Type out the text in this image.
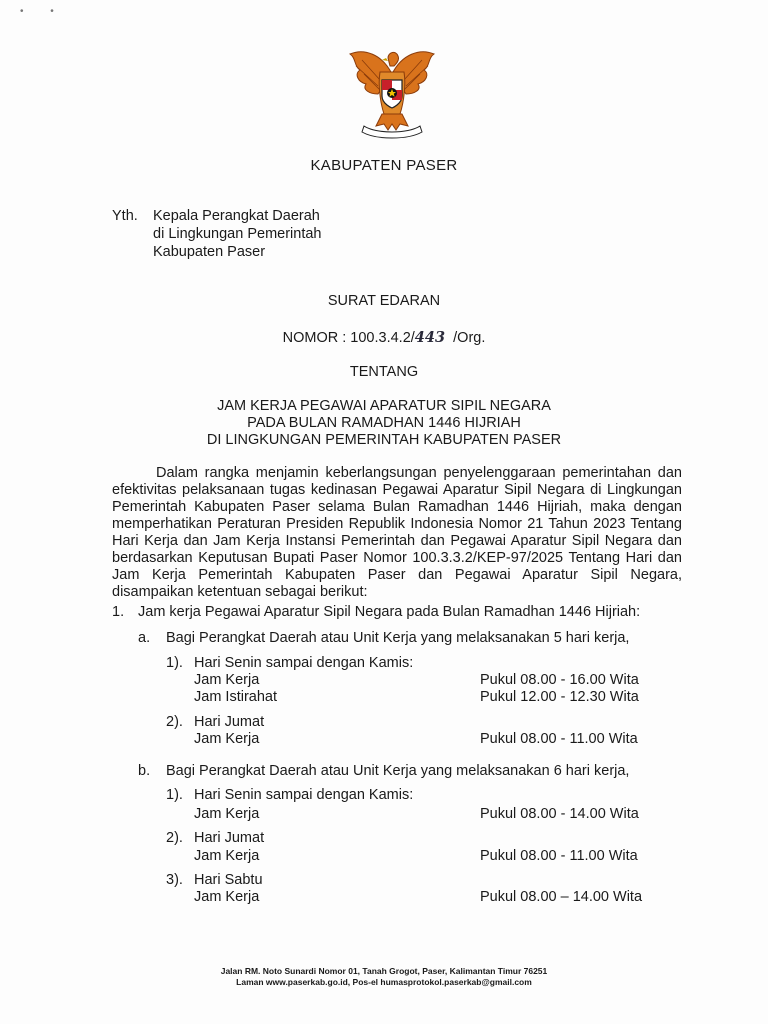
• •
KABUPATEN PASER
Yth. Kepala Perangkat Daerah
di Lingkungan Pemerintah
Kabupaten Paser
SURAT EDARAN
NOMOR : 100.3.4.2/443 /Org.
TENTANG
JAM KERJA PEGAWAI APARATUR SIPIL NEGARA
PADA BULAN RAMADHAN 1446 HIJRIAH
DI LINGKUNGAN PEMERINTAH KABUPATEN PASER

Dalam rangka menjamin keberlangsungan penyelenggaraan pemerintahan dan efektivitas pelaksanaan tugas kedinasan Pegawai Aparatur Sipil Negara di Lingkungan Pemerintah Kabupaten Paser selama Bulan Ramadhan 1446 Hijriah, maka dengan memperhatikan Peraturan Presiden Republik Indonesia Nomor 21 Tahun 2023 Tentang Hari Kerja dan Jam Kerja Instansi Pemerintah dan Pegawai Aparatur Sipil Negara dan berdasarkan Keputusan Bupati Paser Nomor 100.3.3.2/KEP-97/2025 Tentang Hari dan Jam Kerja Pemerintah Kabupaten Paser dan Pegawai Aparatur Sipil Negara, disampaikan ketentuan sebagai berikut:

1. Jam kerja Pegawai Aparatur Sipil Negara pada Bulan Ramadhan 1446 Hijriah:
a. Bagi Perangkat Daerah atau Unit Kerja yang melaksanakan 5 hari kerja,
1). Hari Senin sampai dengan Kamis:
Jam Kerja	Pukul 08.00 - 16.00 Wita
Jam Istirahat	Pukul 12.00 - 12.30 Wita
2). Hari Jumat
Jam Kerja	Pukul 08.00 - 11.00 Wita
b. Bagi Perangkat Daerah atau Unit Kerja yang melaksanakan 6 hari kerja,
1). Hari Senin sampai dengan Kamis:
Jam Kerja	Pukul 08.00 - 14.00 Wita
2). Hari Jumat
Jam Kerja	Pukul 08.00 - 11.00 Wita
3). Hari Sabtu
Jam Kerja	Pukul 08.00 – 14.00 Wita
Jalan RM. Noto Sunardi Nomor 01, Tanah Grogot, Paser, Kalimantan Timur 76251
Laman www.paserkab.go.id, Pos-el humasprotokol.paserkab@gmail.com
